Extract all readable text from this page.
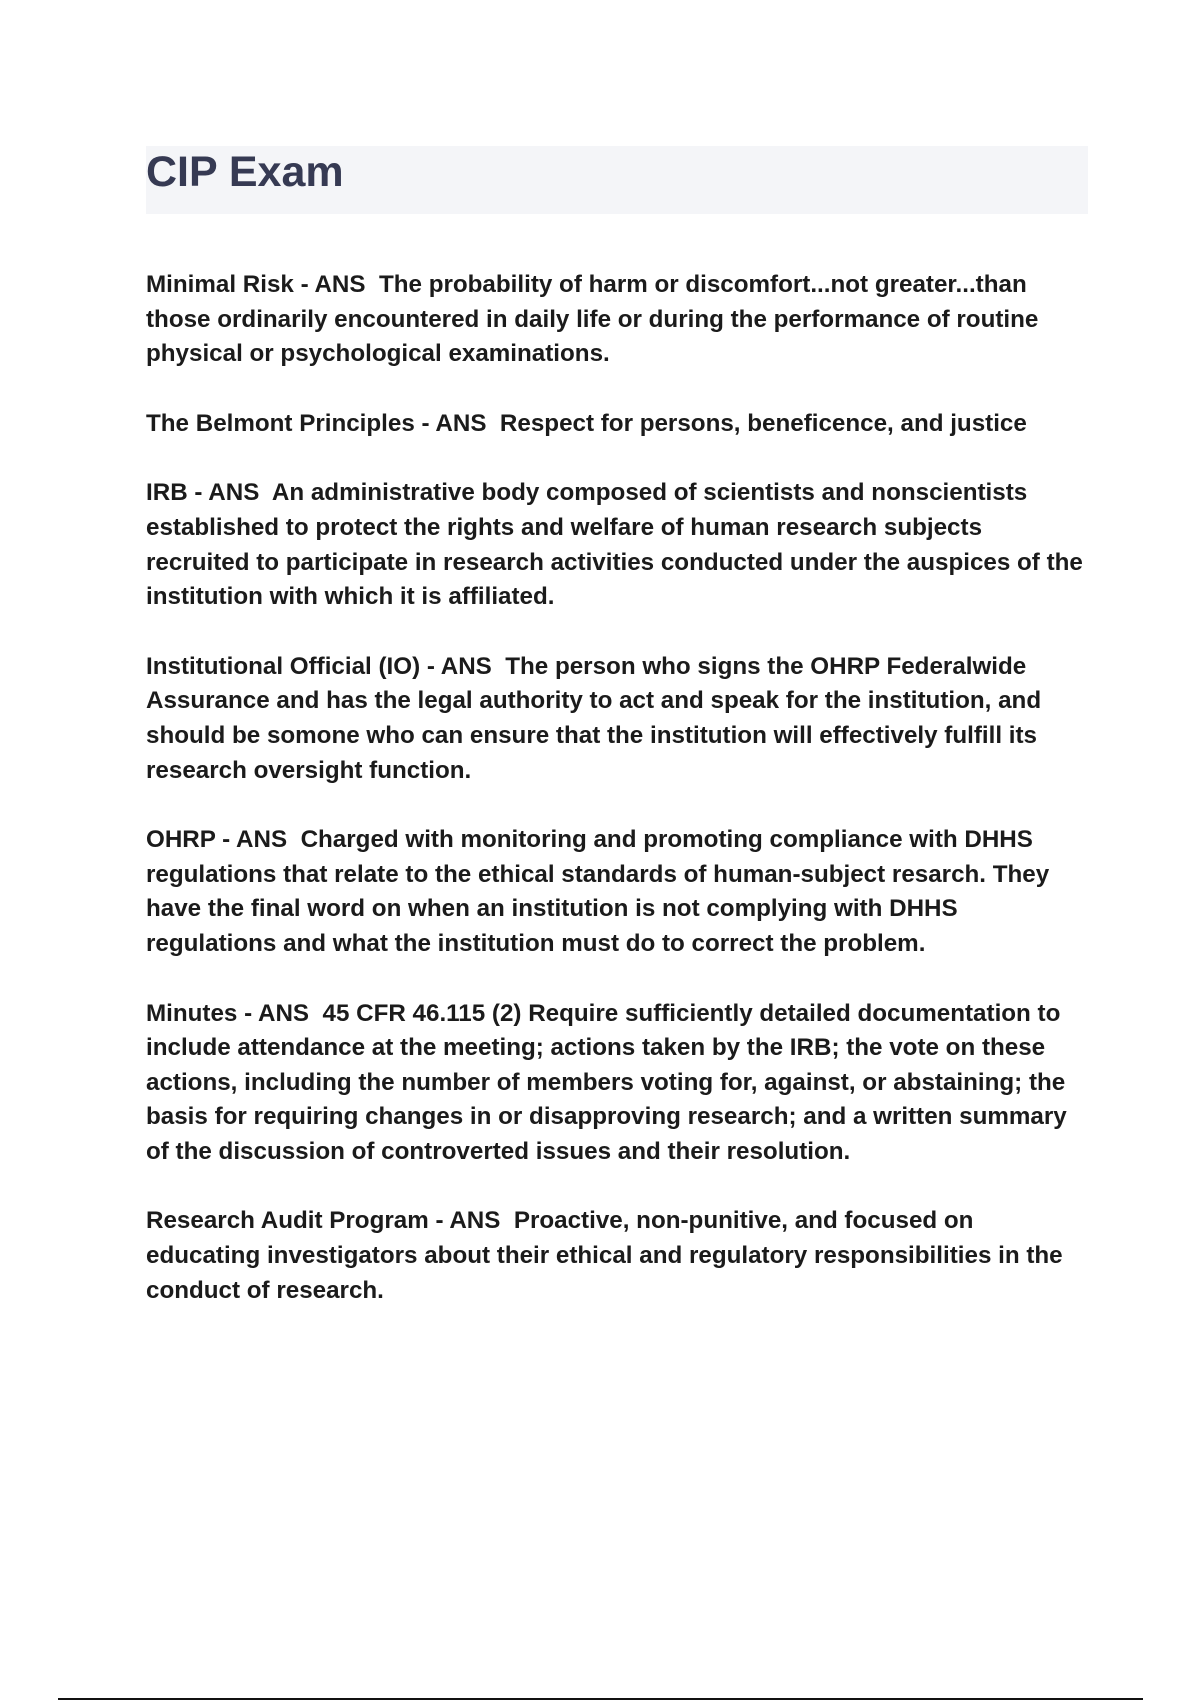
CIP Exam

Minimal Risk - ANS  The probability of harm or discomfort...not greater...than those ordinarily encountered in daily life or during the performance of routine physical or psychological examinations.

The Belmont Principles - ANS  Respect for persons, beneficence, and justice

IRB - ANS  An administrative body composed of scientists and nonscientists established to protect the rights and welfare of human research subjects recruited to participate in research activities conducted under the auspices of the institution with which it is affiliated.

Institutional Official (IO) - ANS  The person who signs the OHRP Federalwide Assurance and has the legal authority to act and speak for the institution, and should be somone who can ensure that the institution will effectively fulfill its research oversight function.

OHRP - ANS  Charged with monitoring and promoting compliance with DHHS regulations that relate to the ethical standards of human-subject resarch. They have the final word on when an institution is not complying with DHHS regulations and what the institution must do to correct the problem.

Minutes - ANS  45 CFR 46.115 (2) Require sufficiently detailed documentation to include attendance at the meeting; actions taken by the IRB; the vote on these actions, including the number of members voting for, against, or abstaining; the basis for requiring changes in or disapproving research; and a written summary of the discussion of controverted issues and their resolution.

Research Audit Program - ANS  Proactive, non-punitive, and focused on educating investigators about their ethical and regulatory responsibilities in the conduct of research.
